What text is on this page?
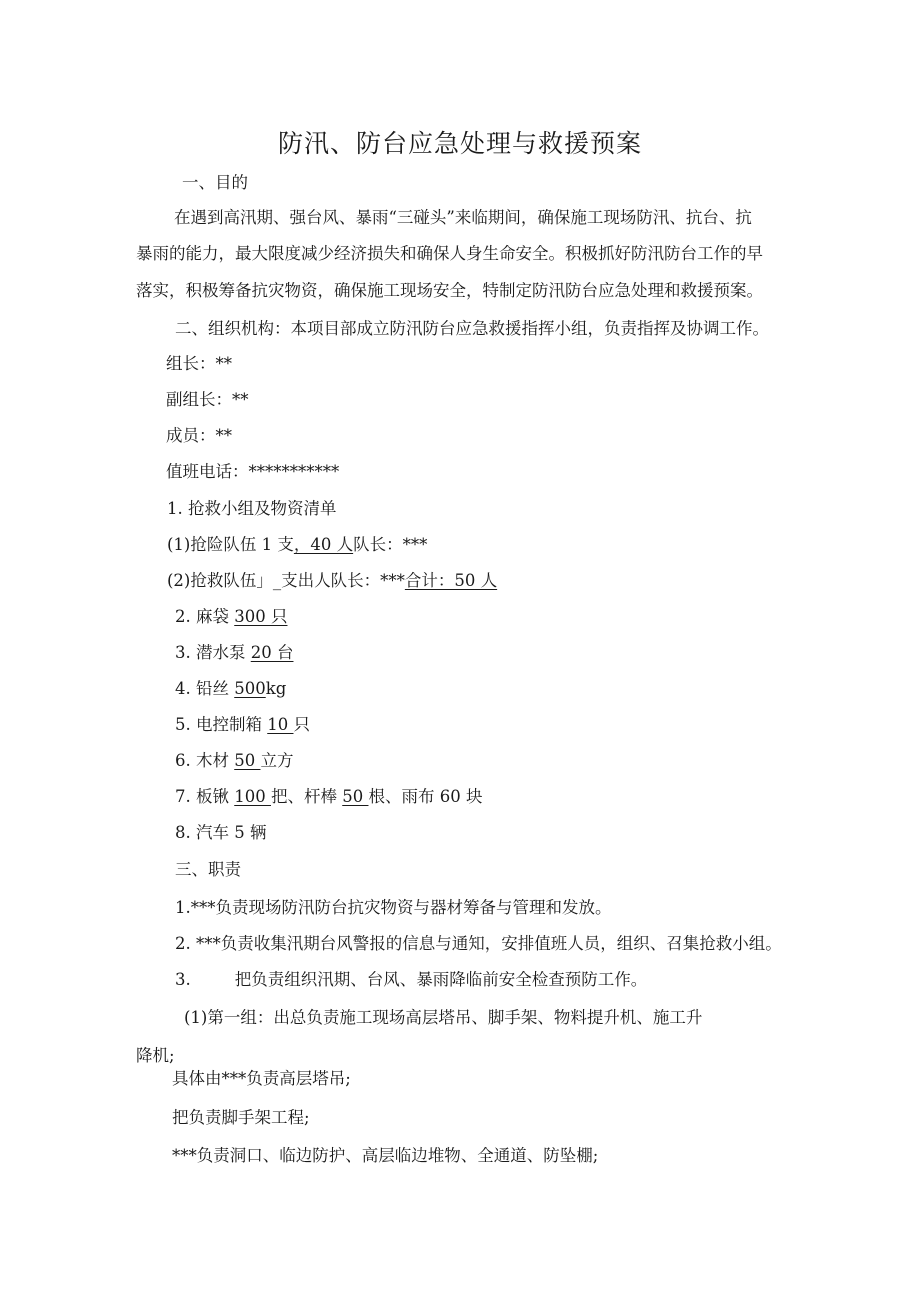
防汛、防台应急处理与救援预案
一、目的
在遇到高汛期、强台风、暴雨“三碰头”来临期间，确保施工现场防汛、抗台、抗
暴雨的能力，最大限度减少经济损失和确保人身生命安全。积极抓好防汛防台工作的早
落实，积极筹备抗灾物资，确保施工现场安全，特制定防汛防台应急处理和救援预案。
二、组织机构：本项目部成立防汛防台应急救援指挥小组，负责指挥及协调工作。
组长：**
副组长：**
成员：**
值班电话：***********
1. 抢救小组及物资清单
(1)抢险队伍 1 支，40 人队长：***
(2)抢救队伍」_支出人队长：***合计：50 人
2. 麻袋 300 只
3. 潜水泵 20 台
4. 铅丝 500kg
5. 电控制箱 10 只
6. 木材 50 立方
7. 板锹 100 把、杆棒 50 根、雨布 60 块
8. 汽车 5 辆
三、职责
1.***负责现场防汛防台抗灾物资与器材筹备与管理和发放。
2. ***负责收集汛期台风警报的信息与通知，安排值班人员，组织、召集抢救小组。
3.	把负责组织汛期、台风、暴雨降临前安全检查预防工作。
(1)第一组：出总负责施工现场高层塔吊、脚手架、物料提升机、施工升
降机;
具体由***负责高层塔吊;
把负责脚手架工程;
***负责洞口、临边防护、高层临边堆物、全通道、防坠棚;
